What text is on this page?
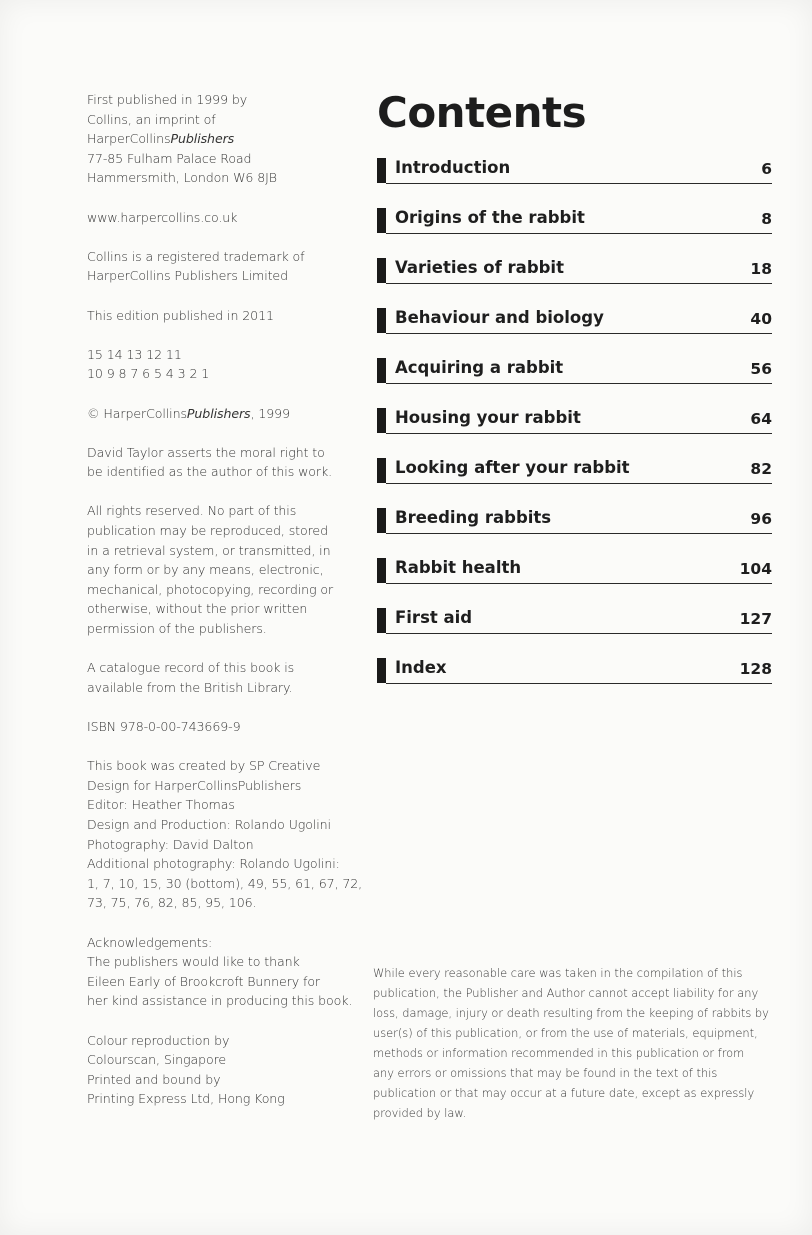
First published in 1999 by
Collins, an imprint of
HarperCollinsPublishers
77-85 Fulham Palace Road
Hammersmith, London W6 8JB

www.harpercollins.co.uk

Collins is a registered trademark of
HarperCollins Publishers Limited

This edition published in 2011

15 14 13 12 11
10 9 8 7 6 5 4 3 2 1

© HarperCollinsPublishers, 1999

David Taylor asserts the moral right to
be identified as the author of this work.

All rights reserved. No part of this
publication may be reproduced, stored
in a retrieval system, or transmitted, in
any form or by any means, electronic,
mechanical, photocopying, recording or
otherwise, without the prior written
permission of the publishers.

A catalogue record of this book is
available from the British Library.

ISBN 978-0-00-743669-9

This book was created by SP Creative
Design for HarperCollinsPublishers
Editor: Heather Thomas
Design and Production: Rolando Ugolini
Photography: David Dalton
Additional photography: Rolando Ugolini:
1, 7, 10, 15, 30 (bottom), 49, 55, 61, 67, 72,
73, 75, 76, 82, 85, 95, 106.

Acknowledgements:
The publishers would like to thank
Eileen Early of Brookcroft Bunnery for
her kind assistance in producing this book.

Colour reproduction by
Colourscan, Singapore
Printed and bound by
Printing Express Ltd, Hong Kong

Contents
Introduction	6
Origins of the rabbit	8
Varieties of rabbit	18
Behaviour and biology	40
Acquiring a rabbit	56
Housing your rabbit	64
Looking after your rabbit	82
Breeding rabbits	96
Rabbit health	104
First aid	127
Index	128
While every reasonable care was taken in the compilation of this
publication, the Publisher and Author cannot accept liability for any
loss, damage, injury or death resulting from the keeping of rabbits by
user(s) of this publication, or from the use of materials, equipment,
methods or information recommended in this publication or from
any errors or omissions that may be found in the text of this
publication or that may occur at a future date, except as expressly
provided by law.
